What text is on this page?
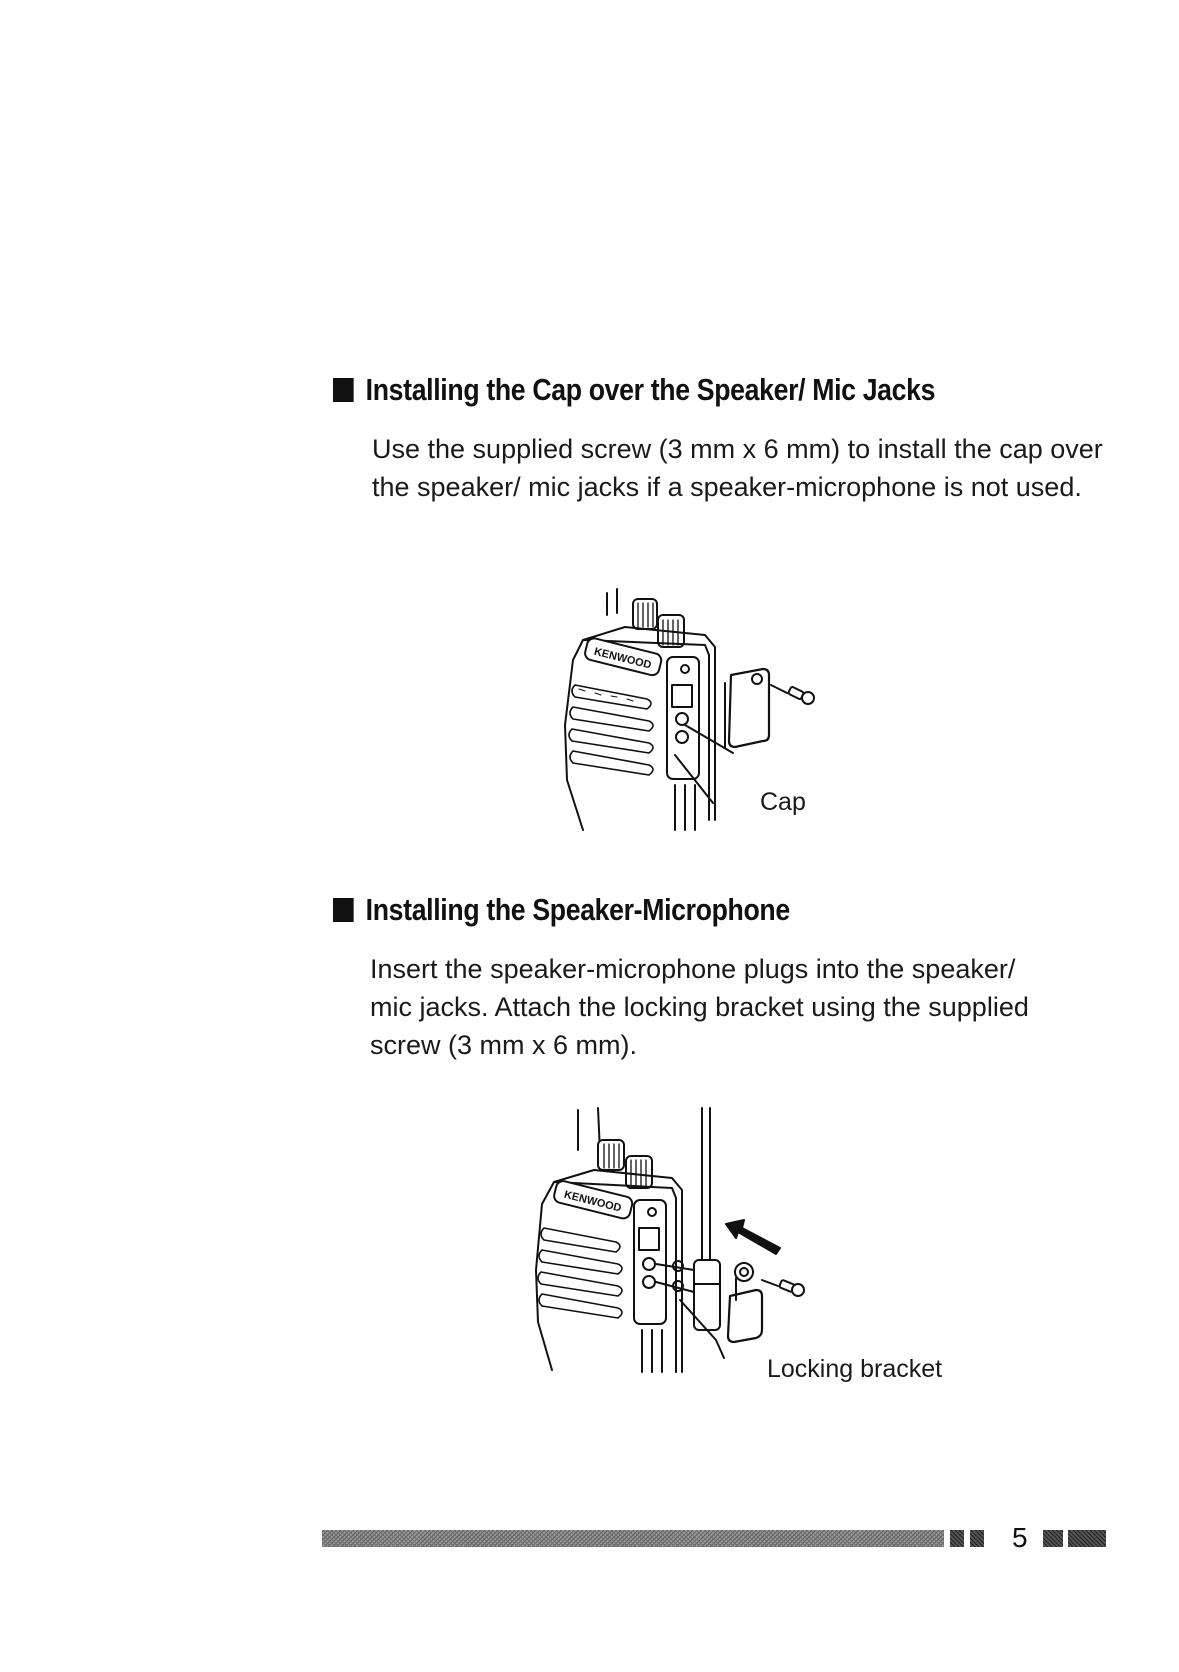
Installing the Cap over the Speaker/ Mic Jacks

Use the supplied screw (3 mm x 6 mm) to install the cap over the speaker/ mic jacks if a speaker-microphone is not used.

KENWOOD
Cap
Installing the Speaker-Microphone

Insert the speaker-microphone plugs into the speaker/ mic jacks. Attach the locking bracket using the supplied screw (3 mm x 6 mm).

KENWOOD
Locking bracket
5
